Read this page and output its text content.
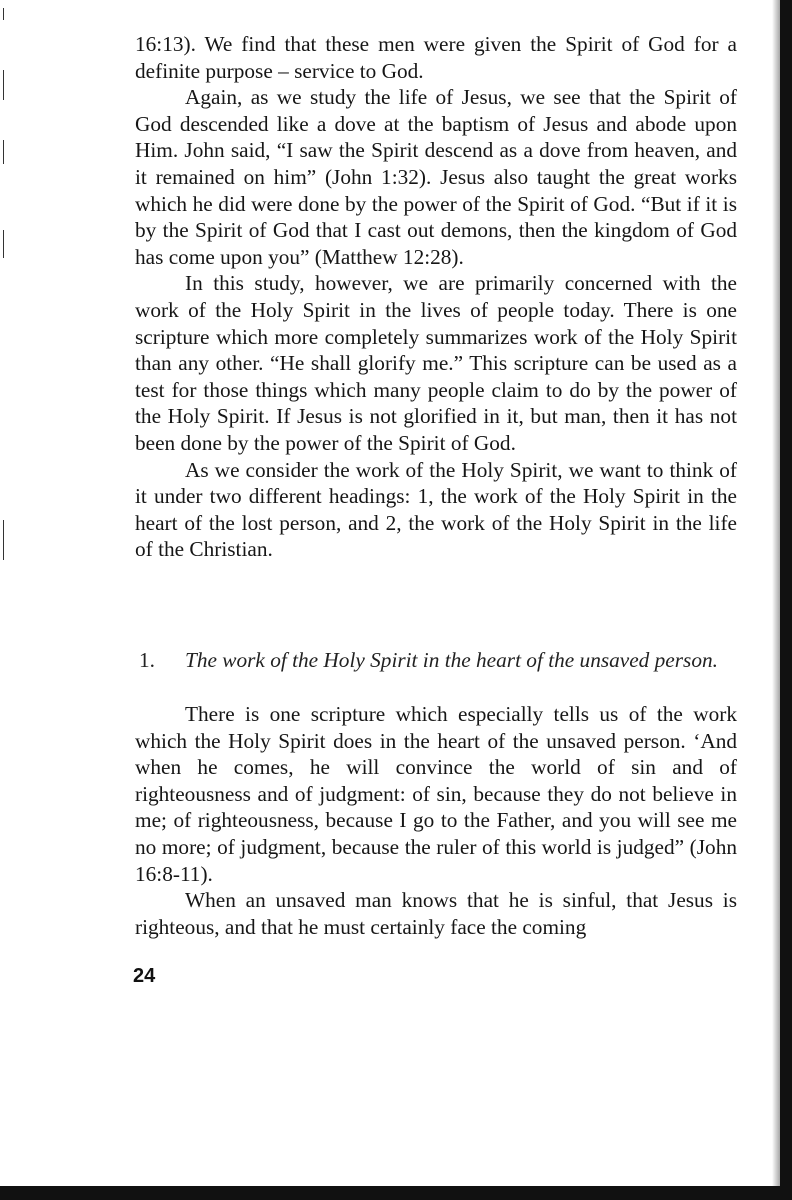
16:13). We find that these men were given the Spirit of God for a definite purpose – service to God.

Again, as we study the life of Jesus, we see that the Spirit of God descended like a dove at the baptism of Jesus and abode upon Him. John said, “I saw the Spirit descend as a dove from heaven, and it remained on him” (John 1:32). Jesus also taught the great works which he did were done by the power of the Spirit of God. “But if it is by the Spirit of God that I cast out demons, then the kingdom of God has come upon you” (Matthew 12:28).

In this study, however, we are primarily concerned with the work of the Holy Spirit in the lives of people today. There is one scripture which more completely summarizes work of the Holy Spirit than any other. “He shall glorify me.” This scripture can be used as a test for those things which many people claim to do by the power of the Holy Spirit. If Jesus is not glorified in it, but man, then it has not been done by the power of the Spirit of God.

As we consider the work of the Holy Spirit, we want to think of it under two different headings: 1, the work of the Holy Spirit in the heart of the lost person, and 2, the work of the Holy Spirit in the life of the Christian.

1. The work of the Holy Spirit in the heart of the unsaved person.

There is one scripture which especially tells us of the work which the Holy Spirit does in the heart of the unsaved person. ‘And when he comes, he will convince the world of sin and of righteousness and of judgment: of sin, because they do not believe in me; of righteousness, because I go to the Father, and you will see me no more; of judgment, because the ruler of this world is judged” (John 16:8-11).

When an unsaved man knows that he is sinful, that Jesus is righteous, and that he must certainly face the coming

24
